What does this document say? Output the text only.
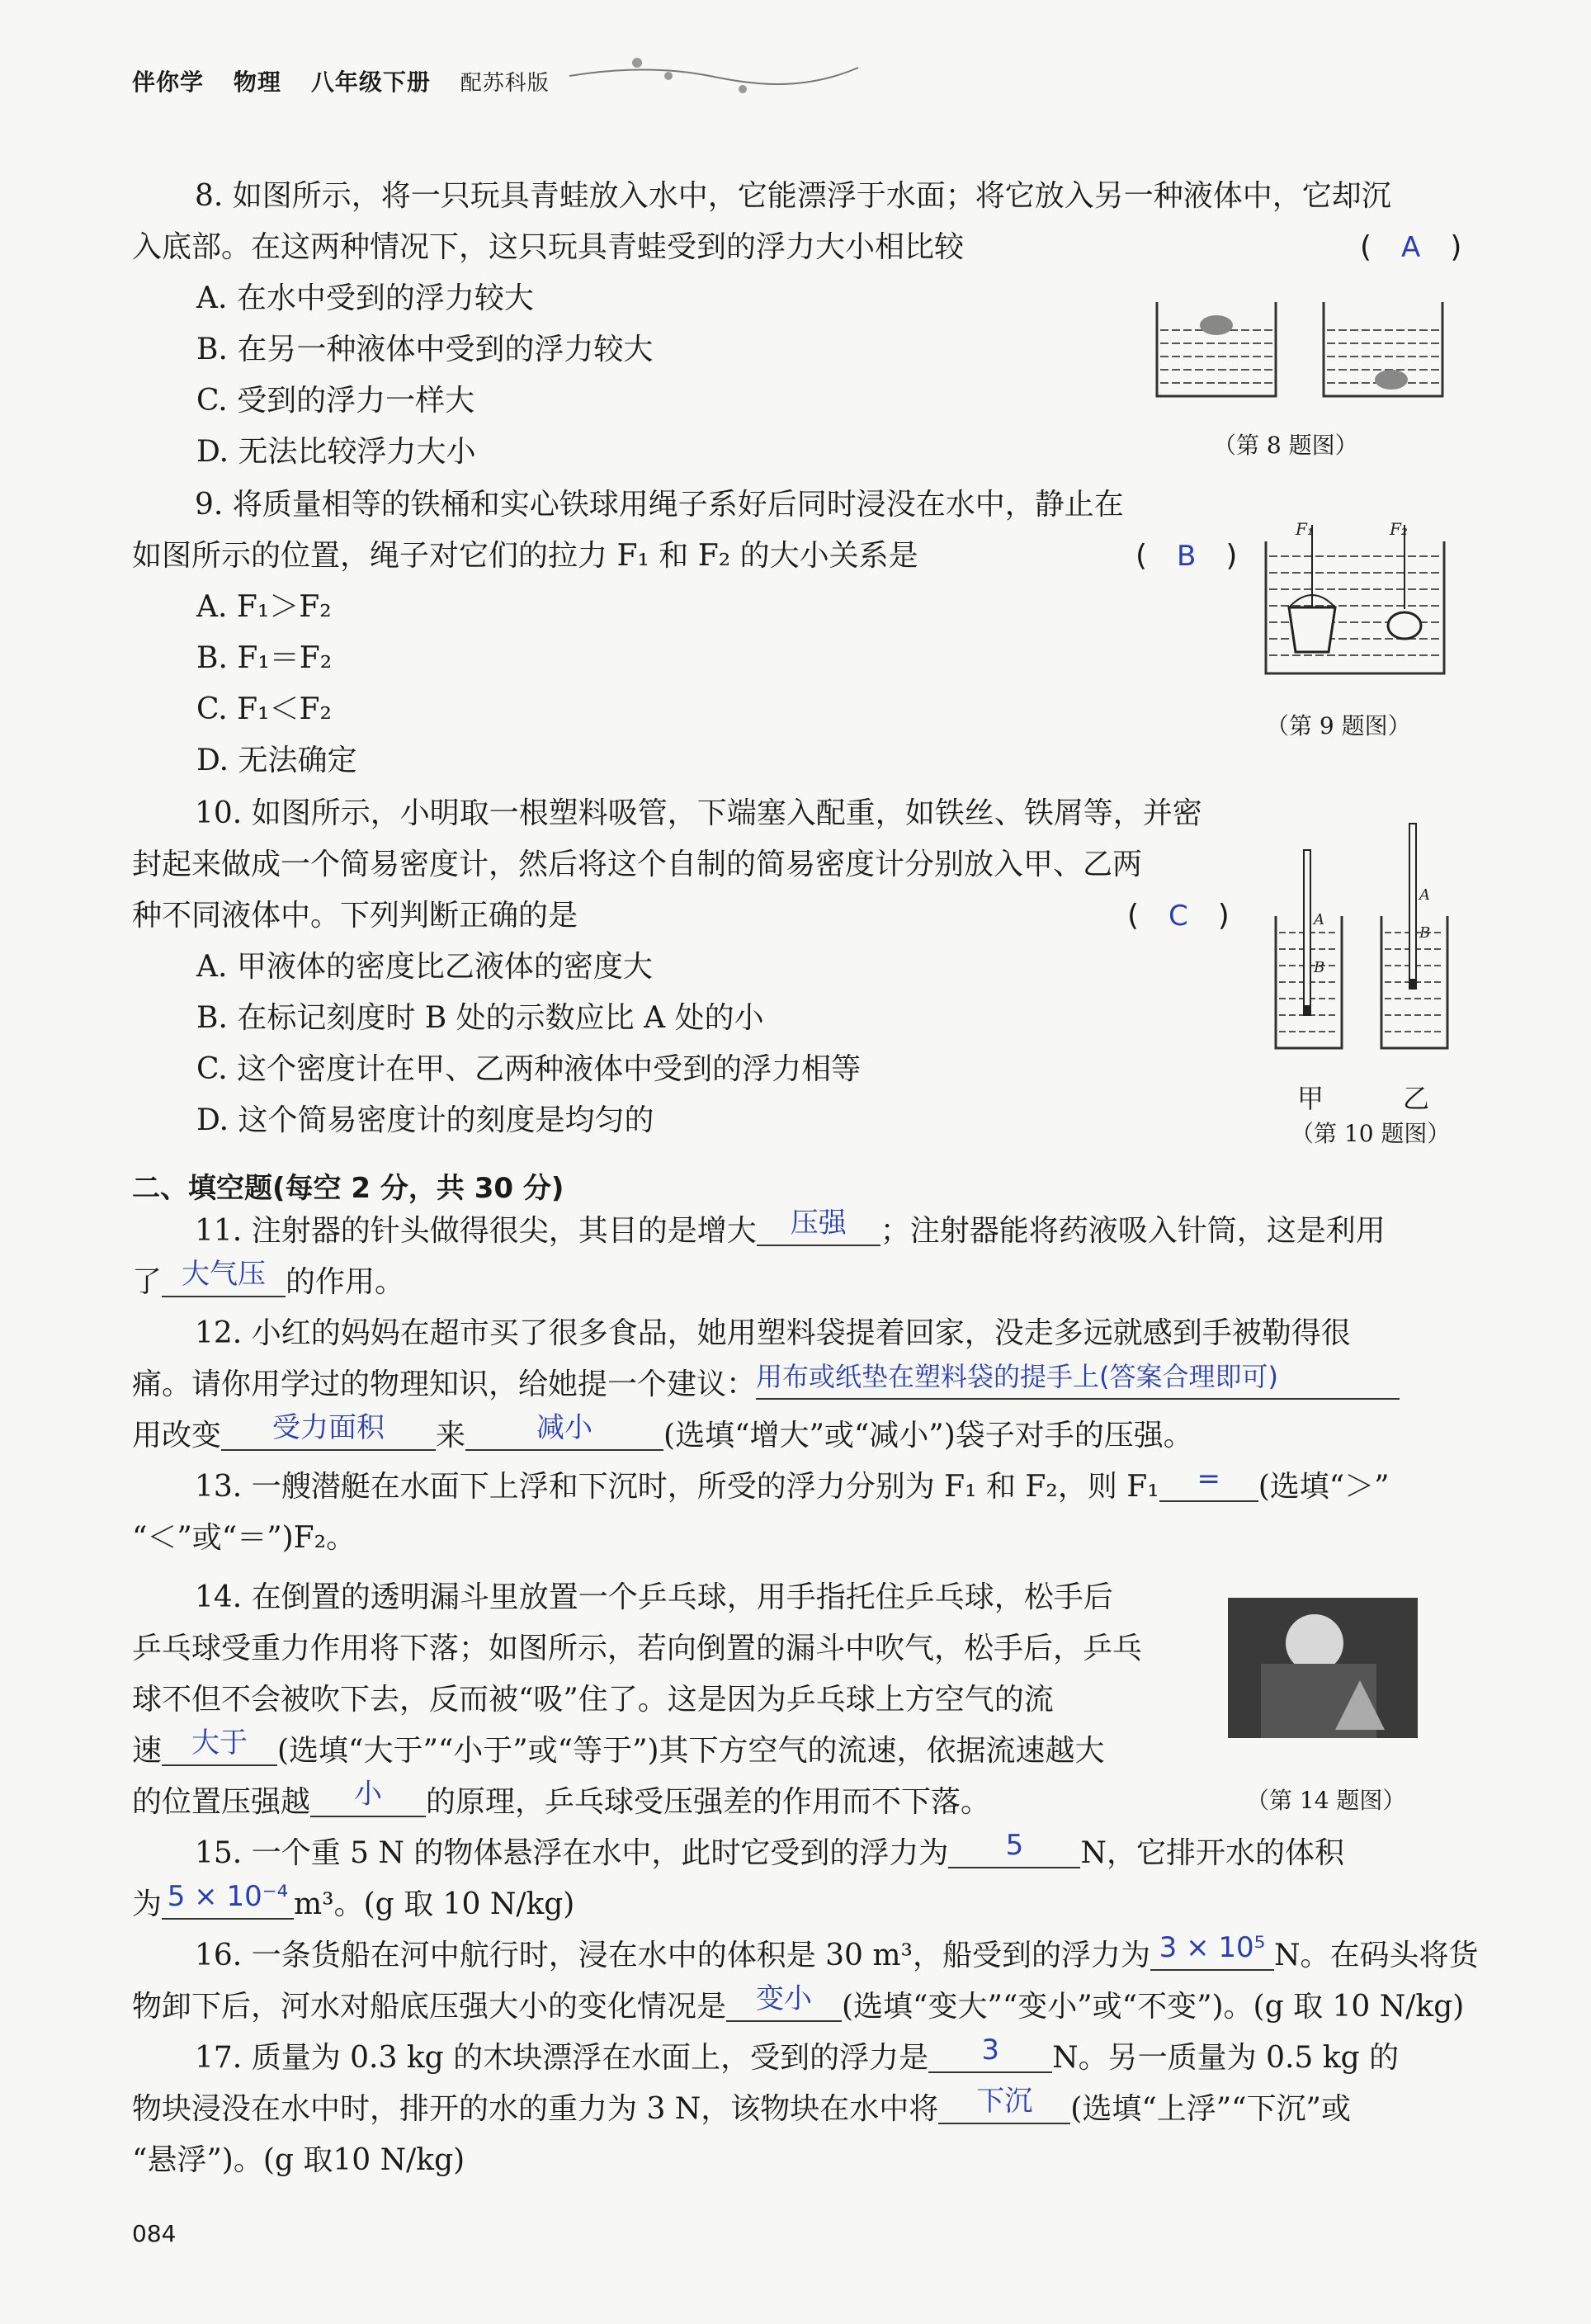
伴你学 物理 八年级下册 配苏科版
8. 如图所示，将一只玩具青蛙放入水中，它能漂浮于水面；将它放入另一种液体中，它却沉
入底部。在这两种情况下，这只玩具青蛙受到的浮力大小相比较	(　A　)
A. 在水中受到的浮力较大
B. 在另一种液体中受到的浮力较大
C. 受到的浮力一样大
D. 无法比较浮力大小	（第 8 题图）
9. 将质量相等的铁桶和实心铁球用绳子系好后同时浸没在水中，静止在
如图所示的位置，绳子对它们的拉力 F₁ 和 F₂ 的大小关系是	(　B　)
A. F₁＞F₂
B. F₁＝F₂
C. F₁＜F₂
D. 无法确定
F₁	F₂
（第 9 题图）
10. 如图所示，小明取一根塑料吸管，下端塞入配重，如铁丝、铁屑等，并密
封起来做成一个简易密度计，然后将这个自制的简易密度计分别放入甲、乙两
种不同液体中。下列判断正确的是	(　C　)
A. 甲液体的密度比乙液体的密度大
B. 在标记刻度时 B 处的示数应比 A 处的小
C. 这个密度计在甲、乙两种液体中受到的浮力相等
D. 这个简易密度计的刻度是均匀的
A
B
A
B
甲	乙
（第 10 题图）
二、填空题(每空 2 分，共 30 分)
11. 注射器的针头做得很尖，其目的是增大 压强 ；注射器能将药液吸入针筒，这是利用
了 大气压 的作用。
12. 小红的妈妈在超市买了很多食品，她用塑料袋提着回家，没走多远就感到手被勒得很
痛。请你用学过的物理知识，给她提一个建议：用布或纸垫在塑料袋的提手上(答案合理即可)
用改变 受力面积 来	减小 (选填“增大”或“减小”)袋子对手的压强。
13. 一艘潜艇在水面下上浮和下沉时，所受的浮力分别为 F₁ 和 F₂，则 F₁ = (选填“＞”
“＜”或“＝”)F₂。
14. 在倒置的透明漏斗里放置一个乒乓球，用手指托住乒乓球，松手后
乒乓球受重力作用将下落；如图所示，若向倒置的漏斗中吹气，松手后，乒乓
球不但不会被吹下去，反而被“吸”住了。这是因为乒乓球上方空气的流
速 大于 (选填“大于”“小于”或“等于”)其下方空气的流速，依据流速越大
的位置压强越 小 的原理，乒乓球受压强差的作用而不下落。	（第 14 题图）
15. 一个重 5 N 的物体悬浮在水中，此时它受到的浮力为 5 N，它排开水的体积
为 5 × 10⁻⁴ m³。(g 取 10 N/kg)
16. 一条货船在河中航行时，浸在水中的体积是 30 m³，船受到的浮力为 3 × 10⁵ N。在码头将货
物卸下后，河水对船底压强大小的变化情况是 变小 (选填“变大”“变小”或“不变”)。(g 取 10 N/kg)
17. 质量为 0.3 kg 的木块漂浮在水面上，受到的浮力是 3 N。另一质量为 0.5 kg 的
物块浸没在水中时，排开的水的重力为 3 N，该物块在水中将 下沉 (选填“上浮”“下沉”或
“悬浮”)。(g 取10 N/kg)
084
